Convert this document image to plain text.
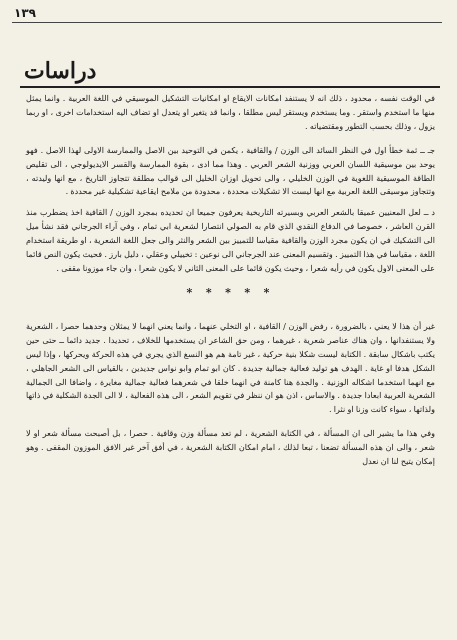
١٣٩
دراسات

في الوقت نفسه ، محدود ، ذلك انه لا يستنفد امكانات الايقاع او امكانيات التشكيل الموسيقي في اللغة العربية . وانما يمثل منها ما استخدم واستقر . وما يستخدم ويستقر ليس مطلقا ، وانما قد يتغير او يتعدل او تضاف اليه استخدامات اخرى ، او ربما يزول ، وذلك بحسب التطور ومقتضياته .

جـ ــ ثمة خطأ اول في النظر السائد الى الوزن / والقافية ، يكمن في التوحيد بين الاصل والممارسة الاولى لهذا الاصل . فهو يوحد بين موسيقية اللسان العربي ووزنية الشعر العربي . وهذا مما ادى ، بقوة الممارسة والقسر الايديولوجي ، الى تقليص الطاقة الموسيقية اللغوية في الوزن الخليلي ، والى تحويل اوزان الخليل الى قوالب مطلقة تتجاوز التاريخ ، مع انها وليدته ، وتتجاوز موسيقى اللغة العربية مع انها ليست الا تشكيلات محددة ، محدودة من ملامح ايقاعية تشكيلية غير محددة .

د ــ لعل المعنيين عميقا بالشعر العربي وبسيرته التاريخية يعرفون جميعا ان تحديده بمجرد الوزن / القافية اخذ يضطرب منذ القرن العاشر ، خصوصا في الدفاع النقدي الذي قام به الصولي انتصارا لشعرية ابي تمام ، وفي آراء الجرجاني فقد نشأ ميل الى التشكيك في ان يكون مجرد الوزن والقافية مقياسا للتمييز بين الشعر والنثر والى جعل اللغة الشعرية ، او طريقة استخدام اللغة ، مقياسا في هذا التمييز . وتقسيم المعنى عند الجرجاني الى نوعين : تخييلي وعقلي ، دليل بارز . فحيث يكون النص قائما على المعنى الاول يكون في رأيه شعرا ، وحيث يكون قائما على المعنى الثاني لا يكون شعرا ، وان جاء موزونا مقفى .

* * * * *

غير أن هذا لا يعني ، بالضرورة ، رفض الوزن / القافية ، او التخلي عنهما ، وانما يعني انهما لا يمثلان وحدهما حصرا ، الشعرية ولا يستنفدانها ، وان هناك عناصر شعرية ، غيرهما ، ومن حق الشاعر ان يستخدمها للخلاف ، تحديدا . جديد دائما ــ حتى حين يكتب باشكال سابقة . الكتابة ليست شكلا بنية حركية ، غير تامة هم هو النسغ الذي يجري في هذه الحركة ويحركها ، وإذا ليس الشكل هدفا او غاية . الهدف هو توليد فعالية جمالية جديدة . كان ابو تمام وابو نواس جديدين ، بالقياس الى الشعر الجاهلي ، مع انهما استخدما اشكاله الوزنية . والجدة هنا كامنة في انهما خلقا في شعرهما فعالية جمالية مغايرة ، واضافا الى الجمالية الشعرية العربية ابعادا جديدة . والاساس ، اذن هو ان ننظر في تقويم الشعر ، الى هذه الفعالية ، لا الى الجدة الشكلية في ذاتها ولذاتها ، سواء كانت وزنا او نثرا .

وفي هذا ما يشير الى ان المسألة ، في الكتابة الشعرية ، لم تعد مسألة وزن وقافية . حصرا ، بل أصبحت مسألة شعر او لا شعر ، والى ان هذه المسألة تضعنا ، تبعا لذلك ، امام امكان الكتابة الشعرية ، في أفق آخر غير الافق الموزون المقفى . وهو إمكان يتيح لنا ان نعدل
